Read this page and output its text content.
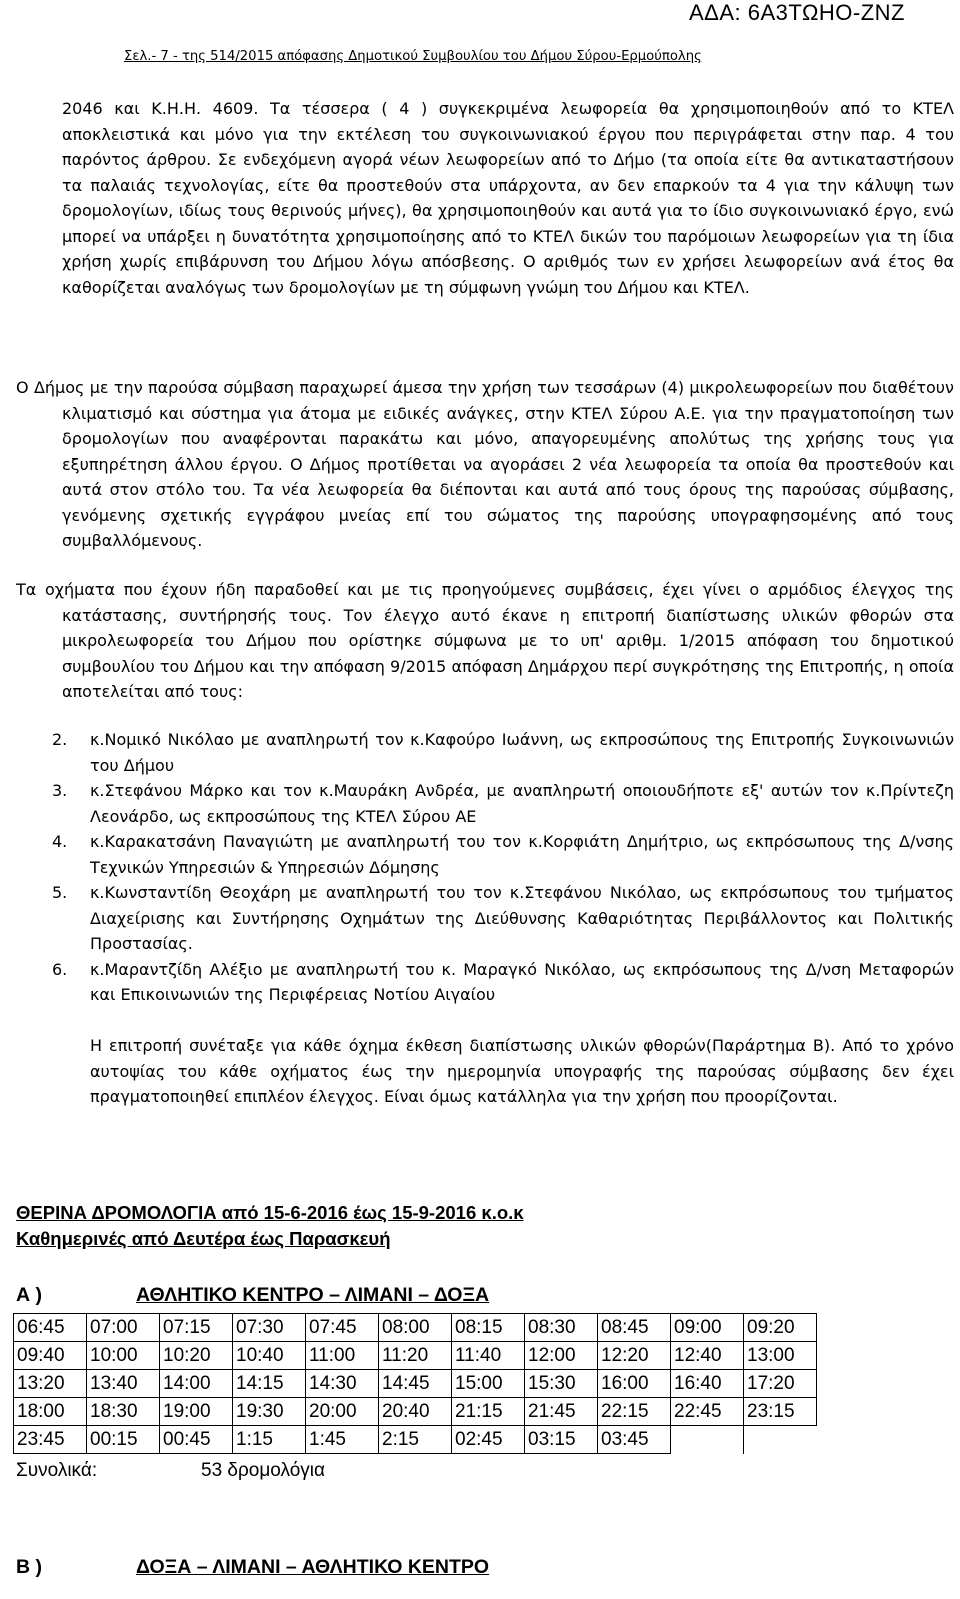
ΑΔΑ: 6Α3ΤΩΗΟ-ΖΝΖ
Σελ.- 7 - της 514/2015 απόφασης Δημοτικού Συμβουλίου του Δήμου Σύρου-Ερμούπολης
2046 και Κ.Η.Η. 4609. Τα τέσσερα ( 4 ) συγκεκριμένα λεωφορεία θα χρησιμοποιηθούν από το ΚΤΕΛ αποκλειστικά και μόνο για την εκτέλεση του συγκοινωνιακού έργου που περιγράφεται στην παρ. 4 του παρόντος άρθρου. Σε ενδεχόμενη αγορά νέων λεωφορείων από το Δήμο (τα οποία είτε θα αντικαταστήσουν τα παλαιάς τεχνολογίας, είτε θα προστεθούν στα υπάρχοντα, αν δεν επαρκούν τα 4 για την κάλυψη των δρομολογίων, ιδίως τους θερινούς μήνες), θα χρησιμοποιηθούν και αυτά για το ίδιο συγκοινωνιακό έργο, ενώ μπορεί να υπάρξει η δυνατότητα χρησιμοποίησης από το ΚΤΕΛ δικών του παρόμοιων λεωφορείων για τη ίδια χρήση χωρίς επιβάρυνση του Δήμου λόγω απόσβεσης. Ο αριθμός των εν χρήσει λεωφορείων ανά έτος θα καθορίζεται αναλόγως των δρομολογίων με τη σύμφωνη γνώμη του Δήμου και ΚΤΕΛ.
Ο Δήμος με την παρούσα σύμβαση παραχωρεί άμεσα την χρήση των τεσσάρων (4) μικρολεωφορείων που διαθέτουν κλιματισμό και σύστημα για άτομα με ειδικές ανάγκες, στην ΚΤΕΛ Σύρου Α.Ε. για την πραγματοποίηση των δρομολογίων που αναφέρονται παρακάτω και μόνο, απαγορευμένης απολύτως της χρήσης τους για εξυπηρέτηση άλλου έργου. Ο Δήμος προτίθεται να αγοράσει 2 νέα λεωφορεία τα οποία θα προστεθούν και αυτά στον στόλο του. Τα νέα λεωφορεία θα διέπονται και αυτά από τους όρους της παρούσας σύμβασης, γενόμενης σχετικής εγγράφου μνείας επί του σώματος της παρούσης υπογραφησομένης από τους συμβαλλόμενους.
Τα οχήματα που έχουν ήδη παραδοθεί και με τις προηγούμενες συμβάσεις, έχει γίνει ο αρμόδιος έλεγχος της κατάστασης, συντήρησής τους. Τον έλεγχο αυτό έκανε η επιτροπή διαπίστωσης υλικών φθορών στα μικρολεωφορεία του Δήμου που ορίστηκε σύμφωνα με το υπ' αριθμ. 1/2015 απόφαση του δημοτικού συμβουλίου του Δήμου και την απόφαση 9/2015 απόφαση Δημάρχου περί συγκρότησης της Επιτροπής, η οποία αποτελείται από τους:
2.	κ.Νομικό Νικόλαο με αναπληρωτή τον κ.Καφούρο Ιωάννη, ως εκπροσώπους της Επιτροπής Συγκοινωνιών του Δήμου
3.	κ.Στεφάνου Μάρκο και τον κ.Μαυράκη Ανδρέα, με αναπληρωτή οποιουδήποτε εξ' αυτών τον κ.Πρίντεζη Λεονάρδο, ως εκπροσώπους της ΚΤΕΛ Σύρου ΑΕ
4.	κ.Καρακατσάνη Παναγιώτη με αναπληρωτή του τον κ.Κορφιάτη Δημήτριο, ως εκπρόσωπους της Δ/νσης Τεχνικών Υπηρεσιών & Υπηρεσιών Δόμησης
5.	κ.Κωνσταντίδη Θεοχάρη με αναπληρωτή του τον κ.Στεφάνου Νικόλαο, ως εκπρόσωπους του τμήματος Διαχείρισης και Συντήρησης Οχημάτων της Διεύθυνσης Καθαριότητας Περιβάλλοντος και Πολιτικής Προστασίας.
6.	κ.Μαραντζίδη Αλέξιο με αναπληρωτή του κ. Μαραγκό Νικόλαο, ως εκπρόσωπους της Δ/νση Μεταφορών και Επικοινωνιών της Περιφέρειας Νοτίου Αιγαίου
Η επιτροπή συνέταξε για κάθε όχημα έκθεση διαπίστωσης υλικών φθορών(Παράρτημα Β). Από το χρόνο αυτοψίας του κάθε οχήματος έως την ημερομηνία υπογραφής της παρούσας σύμβασης δεν έχει πραγματοποιηθεί επιπλέον έλεγχος. Είναι όμως κατάλληλα για την χρήση που προορίζονται.
ΘΕΡΙΝΑ ΔΡΟΜΟΛΟΓΙΑ από 15-6-2016 έως 15-9-2016 κ.ο.κ
Καθημερινές από Δευτέρα έως Παρασκευή
Α )	ΑΘΛΗΤΙΚΟ ΚΕΝΤΡΟ – ΛΙΜΑΝΙ – ΔΟΞΑ
06:45	07:00	07:15	07:30	07:45	08:00	08:15	08:30	08:45	09:00	09:20
09:40	10:00	10:20	10:40	11:00	11:20	11:40	12:00	12:20	12:40	13:00
13:20	13:40	14:00	14:15	14:30	14:45	15:00	15:30	16:00	16:40	17:20
18:00	18:30	19:00	19:30	20:00	20:40	21:15	21:45	22:15	22:45	23:15
23:45	00:15	00:45	1:15	1:45	2:15	02:45	03:15	03:45		
Συνολικά:	53 δρομολόγια
Β )	ΔΟΞΑ – ΛΙΜΑΝΙ – ΑΘΛΗΤΙΚΟ ΚΕΝΤΡΟ
